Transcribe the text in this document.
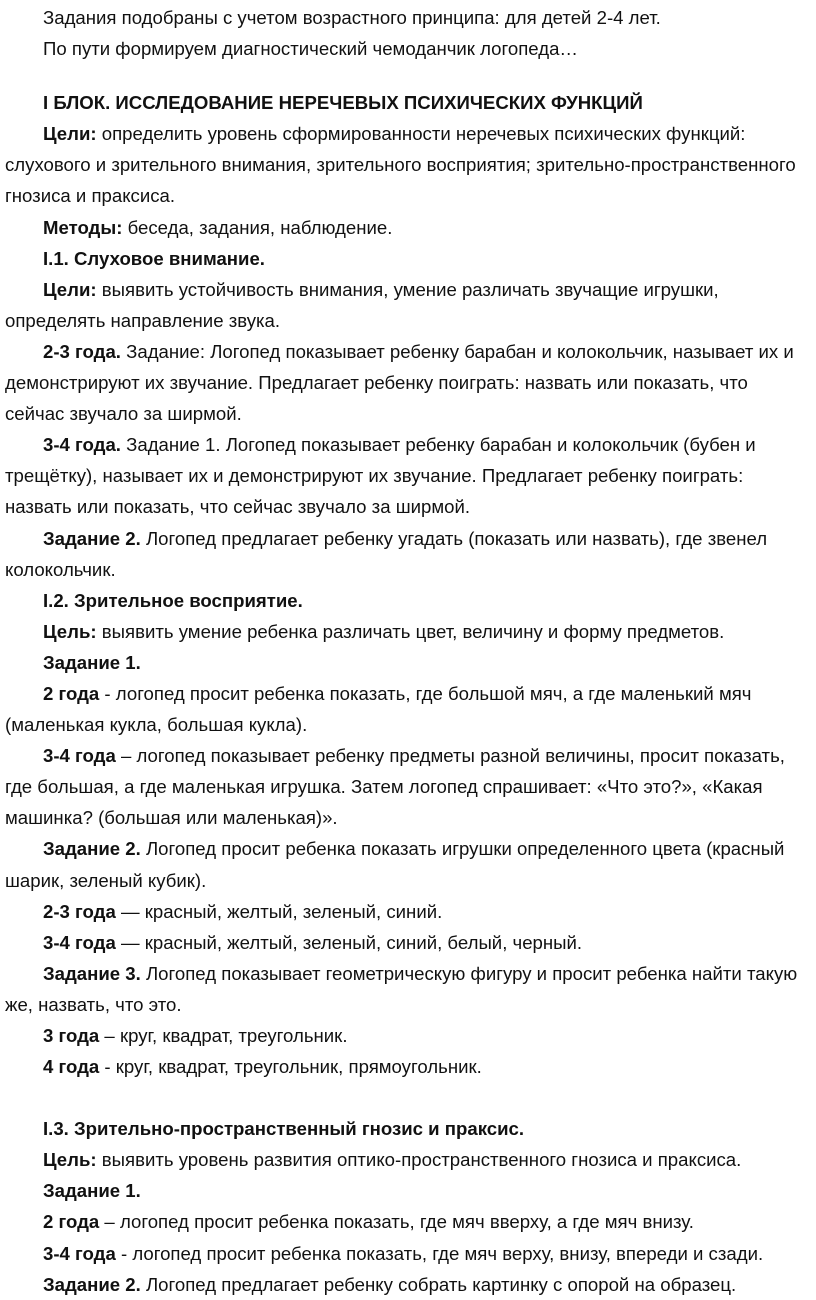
Задания подобраны с учетом возрастного принципа: для детей 2-4 лет.

По пути формируем диагностический чемоданчик логопеда…

I БЛОК. ИССЛЕДОВАНИЕ НЕРЕЧЕВЫХ ПСИХИЧЕСКИХ ФУНКЦИЙ

Цели: определить уровень сформированности неречевых психических функций: слухового и зрительного внимания, зрительного восприятия; зрительно-пространственного гнозиса и праксиса.

Методы: беседа, задания, наблюдение.

I.1. Слуховое внимание.

Цели: выявить устойчивость внимания, умение различать звучащие игрушки, определять направление звука.

2-3 года. Задание: Логопед показывает ребенку барабан и колокольчик, называет их и демонстрируют их звучание. Предлагает ребенку поиграть: назвать или показать, что сейчас звучало за ширмой.

3-4 года. Задание 1. Логопед показывает ребенку барабан и колокольчик (бубен и трещётку), называет их и демонстрируют их звучание. Предлагает ребенку поиграть: назвать или показать, что сейчас звучало за ширмой.

Задание 2. Логопед предлагает ребенку угадать (показать или назвать), где звенел колокольчик.

I.2. Зрительное восприятие.

Цель: выявить умение ребенка различать цвет, величину и форму предметов.

Задание 1.

2 года - логопед просит ребенка показать, где большой мяч, а где маленький мяч (маленькая кукла, большая кукла).

3-4 года – логопед показывает ребенку предметы разной величины, просит показать, где большая, а где маленькая игрушка. Затем логопед спрашивает: «Что это?», «Какая машинка? (большая или маленькая)».

Задание 2. Логопед просит ребенка показать игрушки определенного цвета (красный шарик, зеленый кубик).

2-3 года — красный, желтый, зеленый, синий.

3-4 года — красный, желтый, зеленый, синий, белый, черный.

Задание 3. Логопед показывает геометрическую фигуру и просит ребенка найти такую же, назвать, что это.

3 года – круг, квадрат, треугольник.

4 года - круг, квадрат, треугольник, прямоугольник.

I.3. Зрительно-пространственный гнозис и праксис.

Цель: выявить уровень развития оптико-пространственного гнозиса и праксиса.

Задание 1.

2 года – логопед просит ребенка показать, где мяч вверху, а где мяч внизу.

3-4 года - логопед просит ребенка показать, где мяч верху, внизу, впереди и сзади.

Задание 2. Логопед предлагает ребенку собрать картинку с опорой на образец.
